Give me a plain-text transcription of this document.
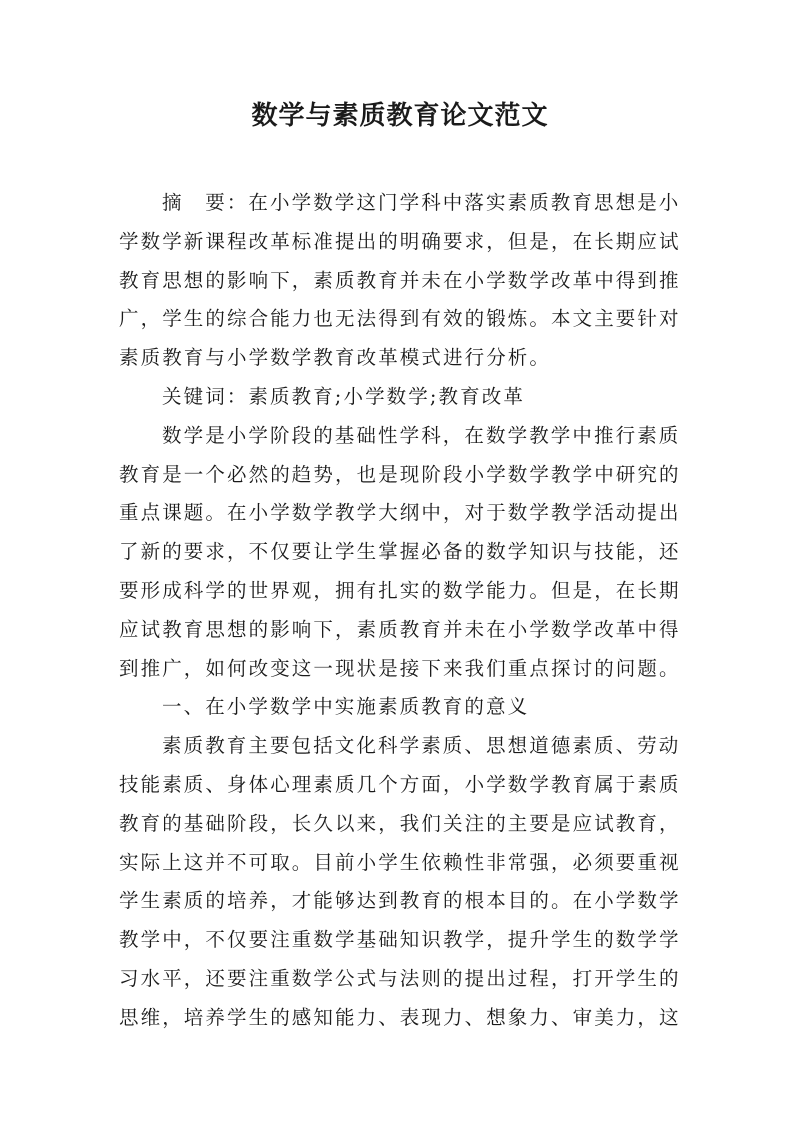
数学与素质教育论文范文
摘　要：在小学数学这门学科中落实素质教育思想是小
学数学新课程改革标准提出的明确要求，但是，在长期应试
教育思想的影响下，素质教育并未在小学数学改革中得到推
广，学生的综合能力也无法得到有效的锻炼。本文主要针对
素质教育与小学数学教育改革模式进行分析。
关键词：素质教育;小学数学;教育改革
数学是小学阶段的基础性学科，在数学教学中推行素质
教育是一个必然的趋势，也是现阶段小学数学教学中研究的
重点课题。在小学数学教学大纲中，对于数学教学活动提出
了新的要求，不仅要让学生掌握必备的数学知识与技能，还
要形成科学的世界观，拥有扎实的数学能力。但是，在长期
应试教育思想的影响下，素质教育并未在小学数学改革中得
到推广，如何改变这一现状是接下来我们重点探讨的问题。
一、在小学数学中实施素质教育的意义
素质教育主要包括文化科学素质、思想道德素质、劳动
技能素质、身体心理素质几个方面，小学数学教育属于素质
教育的基础阶段，长久以来，我们关注的主要是应试教育，
实际上这并不可取。目前小学生依赖性非常强，必须要重视
学生素质的培养，才能够达到教育的根本目的。在小学数学
教学中，不仅要注重数学基础知识教学，提升学生的数学学
习水平，还要注重数学公式与法则的提出过程，打开学生的
思维，培养学生的感知能力、表现力、想象力、审美力，这
